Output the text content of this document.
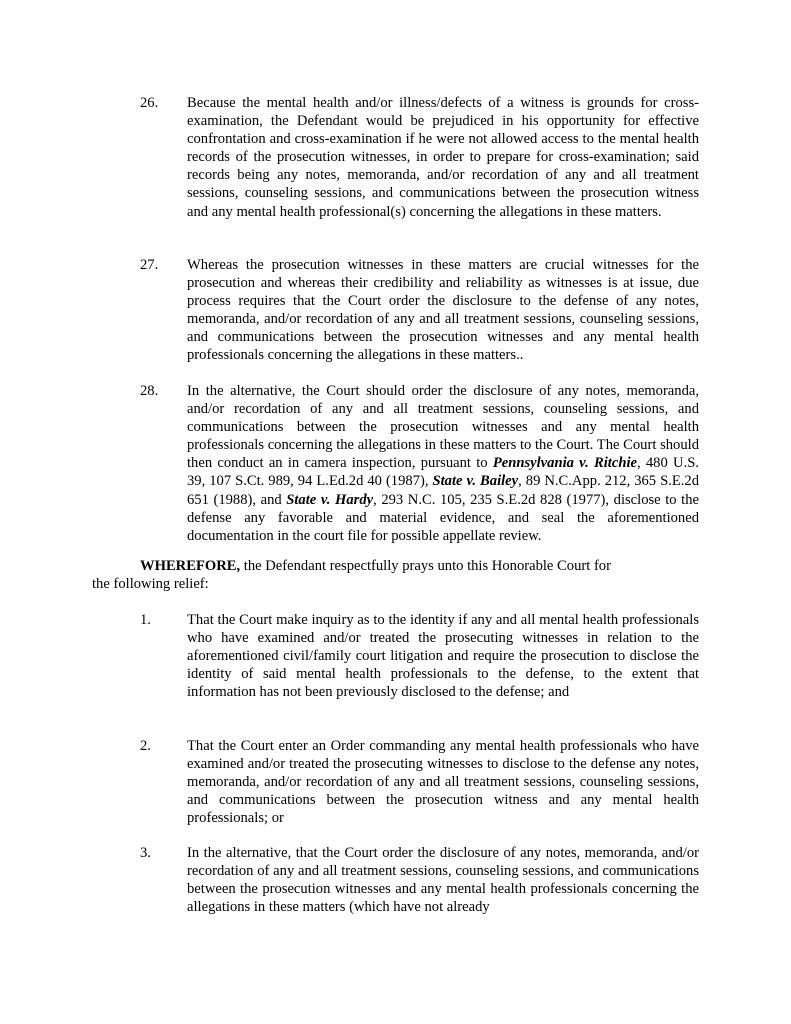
26. Because the mental health and/or illness/defects of a witness is grounds for cross-examination, the Defendant would be prejudiced in his opportunity for effective confrontation and cross-examination if he were not allowed access to the mental health records of the prosecution witnesses, in order to prepare for cross-examination; said records being any notes, memoranda, and/or recordation of any and all treatment sessions, counseling sessions, and communications between the prosecution witness and any mental health professional(s) concerning the allegations in these matters.
27. Whereas the prosecution witnesses in these matters are crucial witnesses for the prosecution and whereas their credibility and reliability as witnesses is at issue, due process requires that the Court order the disclosure to the defense of any notes, memoranda, and/or recordation of any and all treatment sessions, counseling sessions, and communications between the prosecution witnesses and any mental health professionals concerning the allegations in these matters..
28. In the alternative, the Court should order the disclosure of any notes, memoranda, and/or recordation of any and all treatment sessions, counseling sessions, and communications between the prosecution witnesses and any mental health professionals concerning the allegations in these matters to the Court. The Court should then conduct an in camera inspection, pursuant to Pennsylvania v. Ritchie, 480 U.S. 39, 107 S.Ct. 989, 94 L.Ed.2d 40 (1987), State v. Bailey, 89 N.C.App. 212, 365 S.E.2d 651 (1988), and State v. Hardy, 293 N.C. 105, 235 S.E.2d 828 (1977), disclose to the defense any favorable and material evidence, and seal the aforementioned documentation in the court file for possible appellate review.
WHEREFORE, the Defendant respectfully prays unto this Honorable Court for
the following relief:
1. That the Court make inquiry as to the identity if any and all mental health professionals who have examined and/or treated the prosecuting witnesses in relation to the aforementioned civil/family court litigation and require the prosecution to disclose the identity of said mental health professionals to the defense, to the extent that information has not been previously disclosed to the defense; and
2. That the Court enter an Order commanding any mental health professionals who have examined and/or treated the prosecuting witnesses to disclose to the defense any notes, memoranda, and/or recordation of any and all treatment sessions, counseling sessions, and communications between the prosecution witness and any mental health professionals; or
3. In the alternative, that the Court order the disclosure of any notes, memoranda, and/or recordation of any and all treatment sessions, counseling sessions, and communications between the prosecution witnesses and any mental health professionals concerning the allegations in these matters (which have not already
